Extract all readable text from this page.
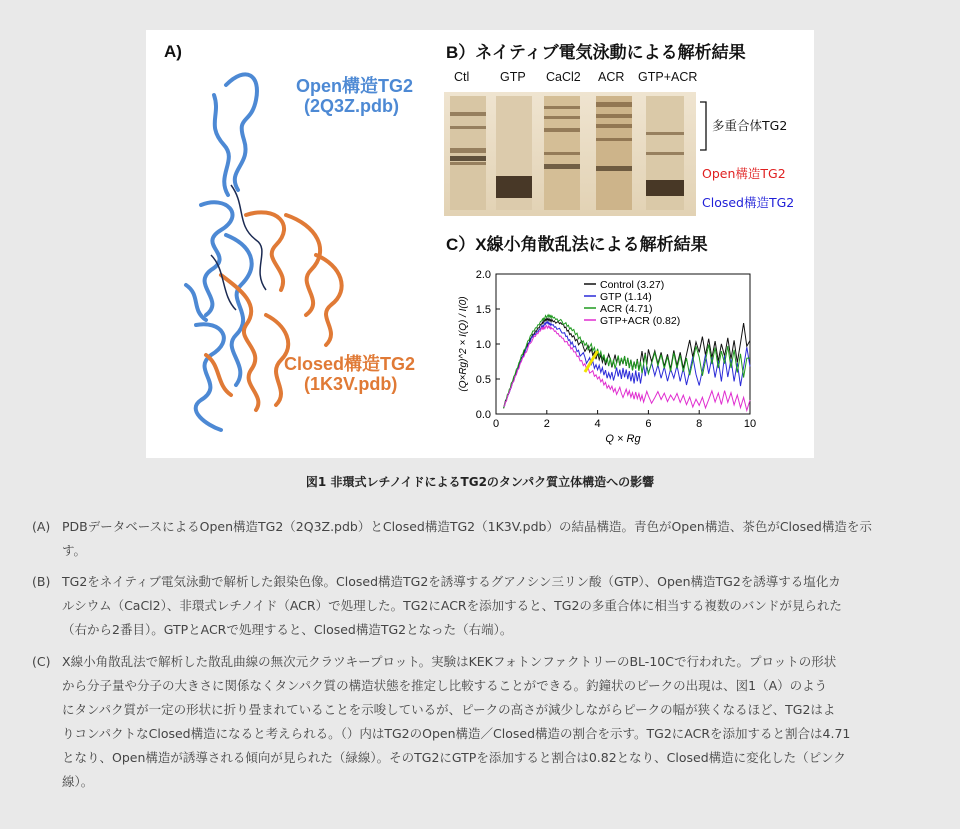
A)
Open構造TG2
(2Q3Z.pdb)
Closed構造TG2
(1K3V.pdb)
B）ネイティブ電気泳動による解析結果
Ctl GTP CaCl2 ACR GTP+ACR
多重合体TG2
Open構造TG2
Closed構造TG2
C）X線小角散乱法による解析結果
0	2	4	6	8	10
0.0
0.5
1.0
1.5
2.0
Q × Rg
(Q×Rg)^2 × I(Q) / I(0)
Control (3.27)
GTP (1.14)
ACR (4.71)
GTP+ACR (0.82)
図1 非環式レチノイドによるTG2のタンパク質立体構造への影響
(A) PDBデータベースによるOpen構造TG2（2Q3Z.pdb）とClosed構造TG2（1K3V.pdb）の結晶構造。青色がOpen構造、茶色がClosed構造を示
す。
(B) TG2をネイティブ電気泳動で解析した銀染色像。Closed構造TG2を誘導するグアノシン三リン酸（GTP）、Open構造TG2を誘導する塩化カ
ルシウム（CaCl2）、非環式レチノイド（ACR）で処理した。TG2にACRを添加すると、TG2の多重合体に相当する複数のバンドが見られた
（右から2番目）。GTPとACRで処理すると、Closed構造TG2となった（右端）。
(C) X線小角散乱法で解析した散乱曲線の無次元クラツキープロット。実験はKEKフォトンファクトリーのBL-10Cで行われた。プロットの形状
から分子量や分子の大きさに関係なくタンパク質の構造状態を推定し比較することができる。釣鐘状のピークの出現は、図1（A）のよう
にタンパク質が一定の形状に折り畳まれていることを示唆しているが、ピークの高さが減少しながらピークの幅が狭くなるほど、TG2はよ
りコンパクトなClosed構造になると考えられる。（）内はTG2のOpen構造／Closed構造の割合を示す。TG2にACRを添加すると割合は4.71
となり、Open構造が誘導される傾向が見られた（緑線）。そのTG2にGTPを添加すると割合は0.82となり、Closed構造に変化した（ピンク
線）。
